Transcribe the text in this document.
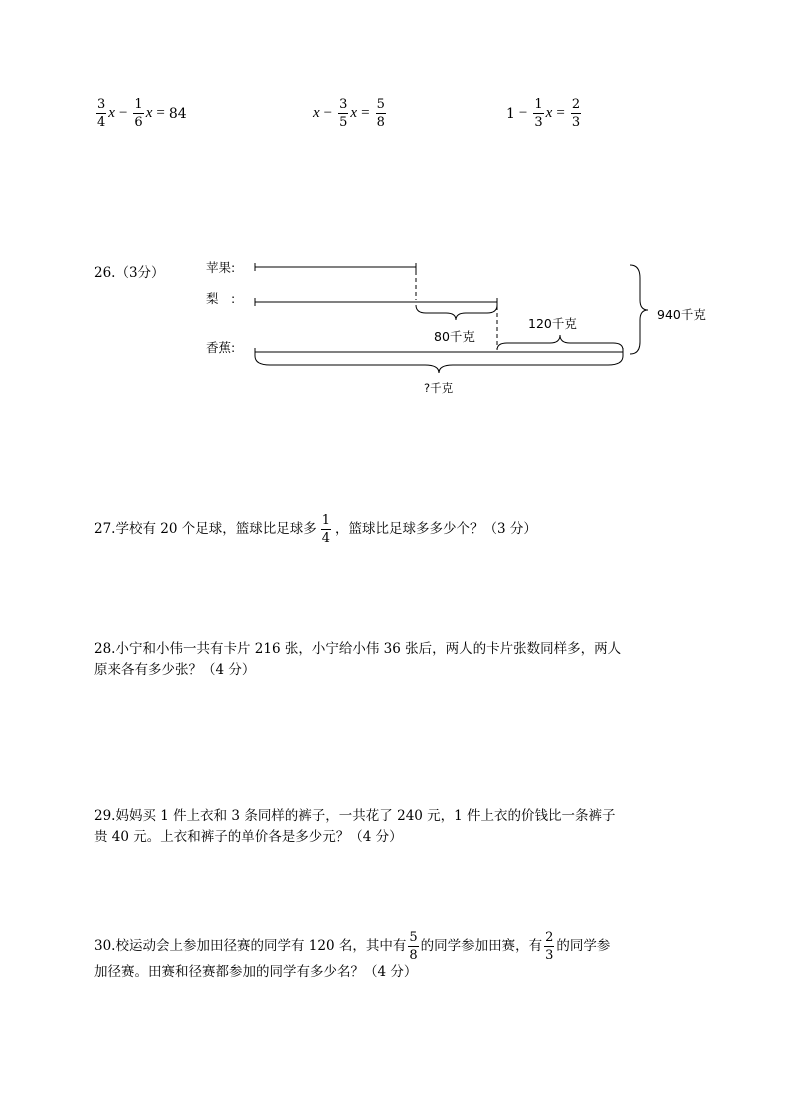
$\frac{3}{4}$ $x - \frac{1}{6}$ x = 84	$x - \frac{3}{5}$ $x = \frac{5}{8}$	$1 - \frac{1}{3}$ $x = \frac{2}{3}$
26.（3分）	苹果:
梨　:
香蕉:
80千克
120千克
940千克
?千克
27.学校有 20 个足球，篮球比足球多 $\frac{1}{4}$ ，篮球比足球多多少个？（3 分）
28.小宁和小伟一共有卡片 216 张，小宁给小伟 36 张后，两人的卡片张数同样多，两人
原来各有多少张？（4 分）
29.妈妈买 1 件上衣和 3 条同样的裤子，一共花了 240 元，1 件上衣的价钱比一条裤子
贵 40 元。上衣和裤子的单价各是多少元？（4 分）
30.校运动会上参加田径赛的同学有 120 名，其中有 $\frac{5}{8}$ 的同学参加田赛，有 $\frac{2}{3}$ 的同学参
加径赛。田赛和径赛都参加的同学有多少名？（4 分）
